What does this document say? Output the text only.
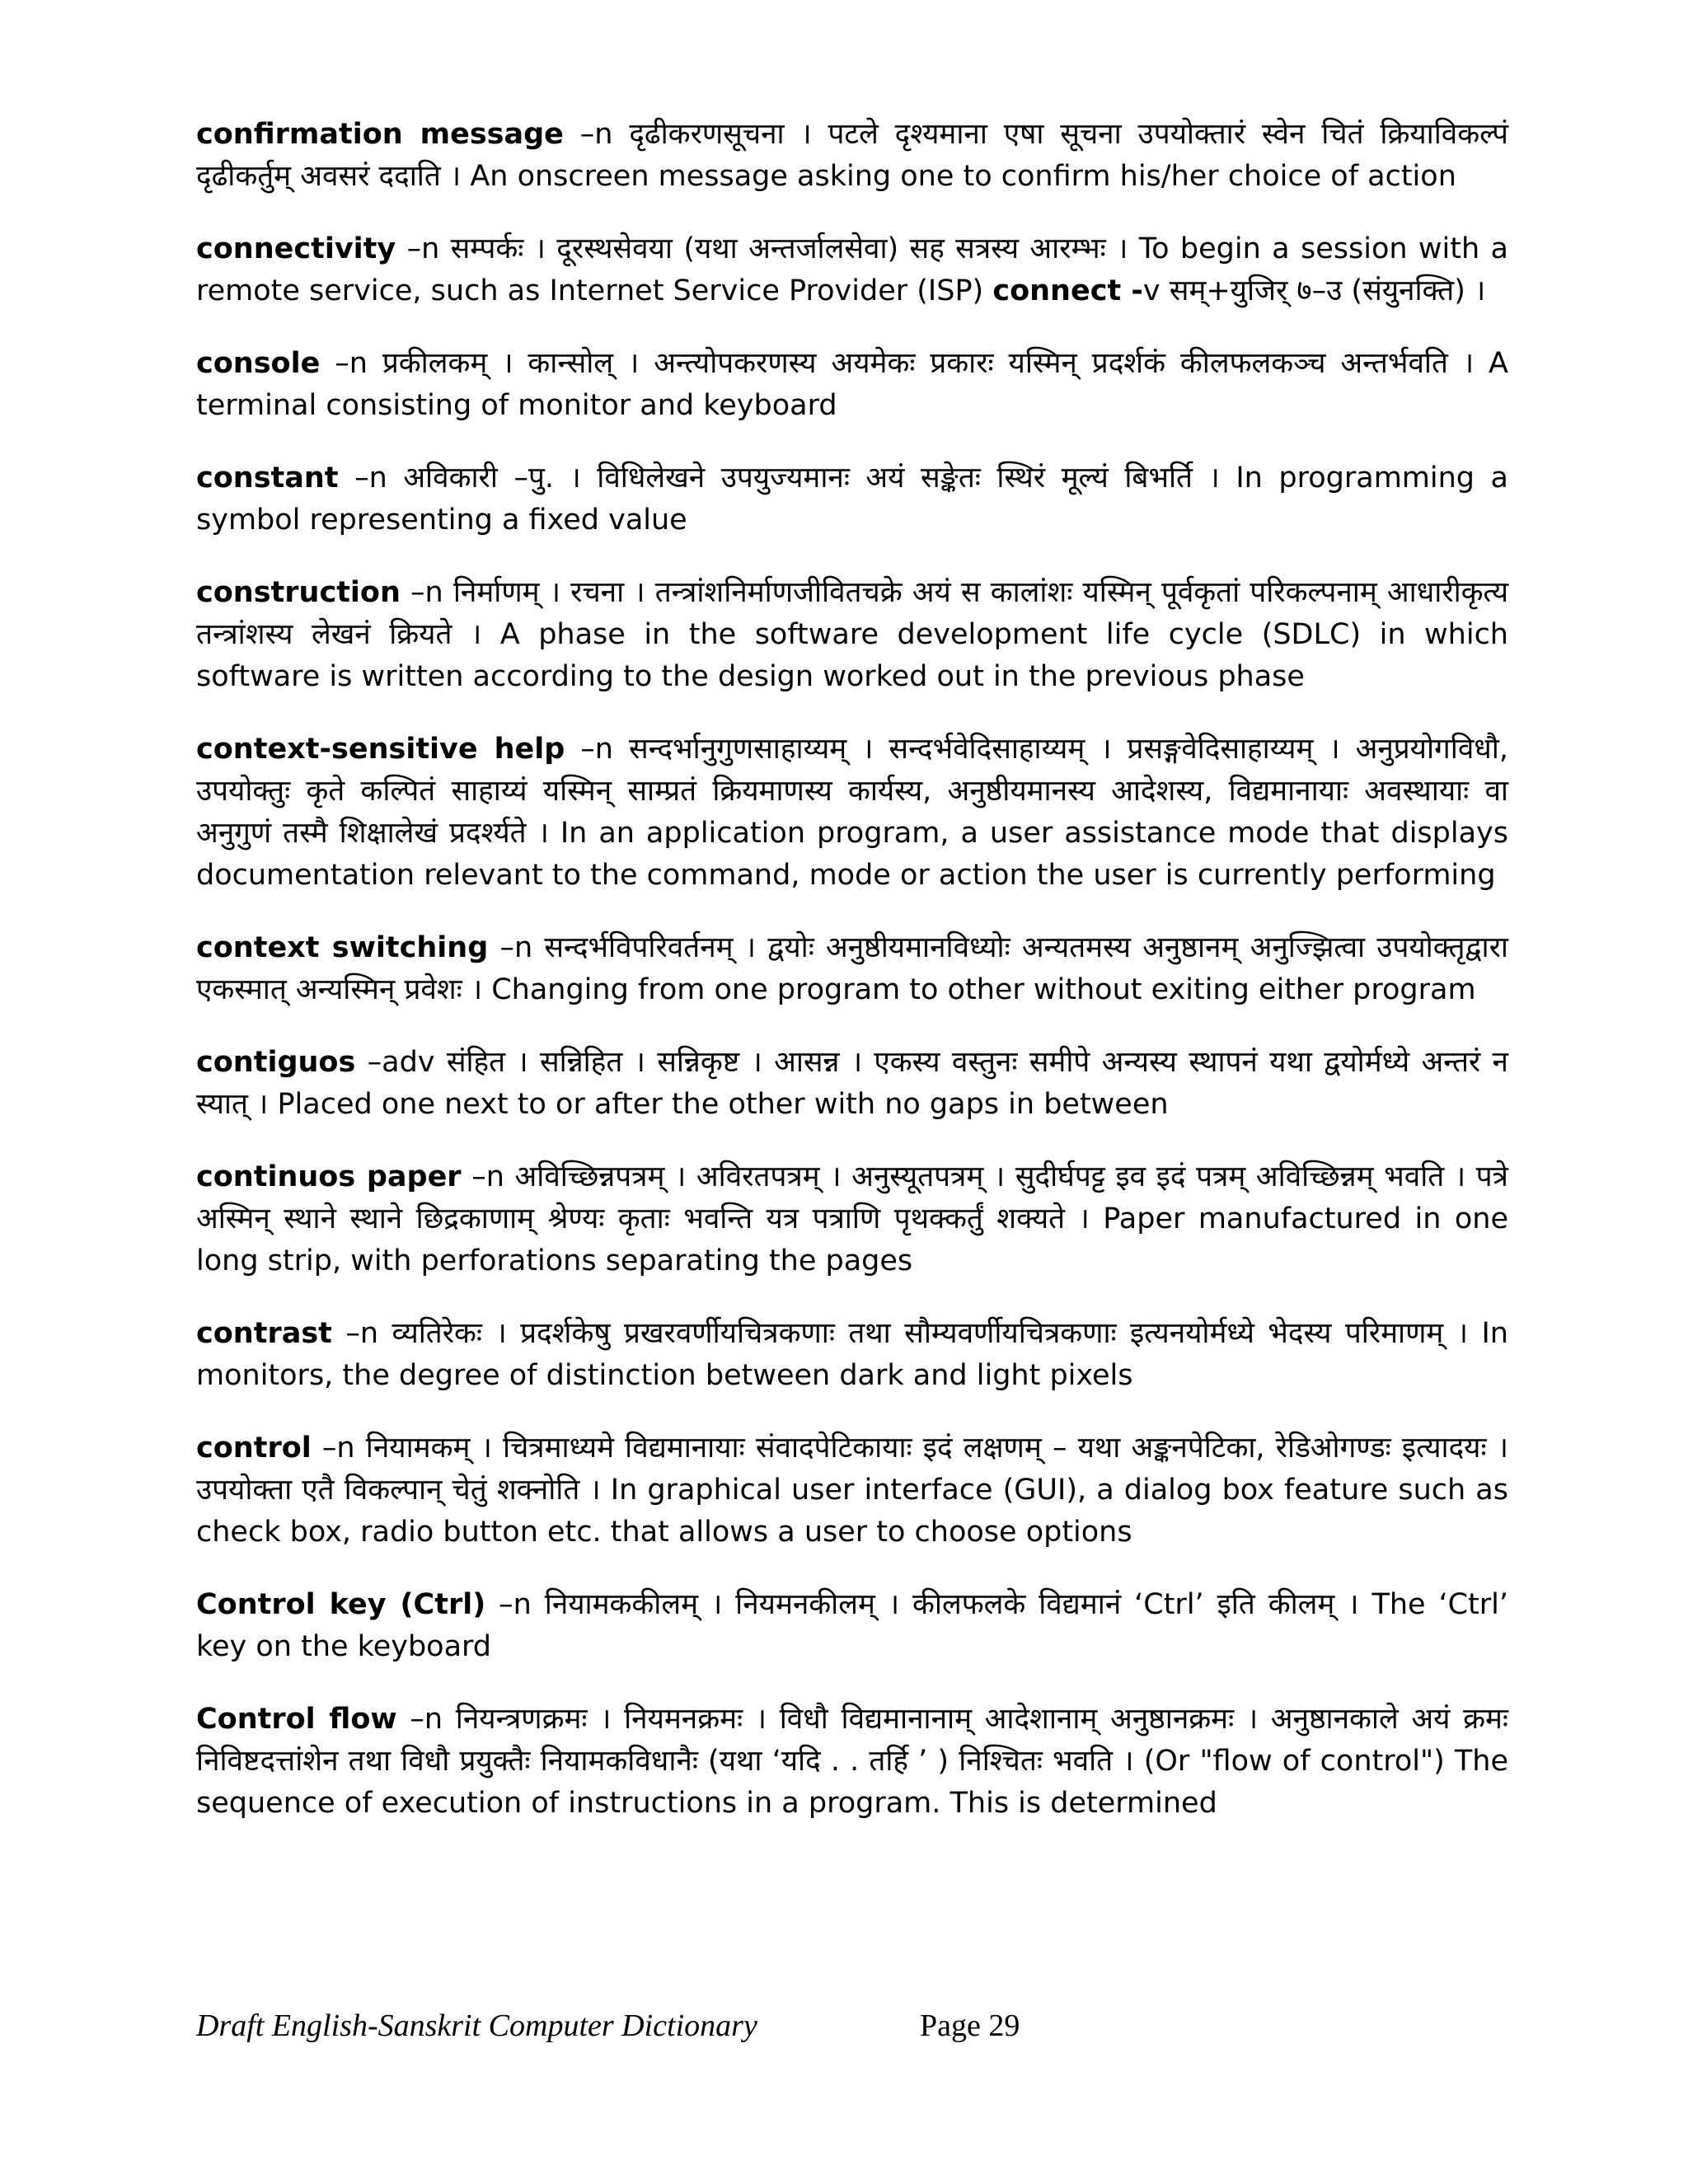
confirmation message –n दृढीकरणसूचना । पटले दृश्यमाना एषा सूचना उपयोक्तारं स्वेन चितं क्रियाविकल्पं दृढीकर्तुम् अवसरं ददाति । An onscreen message asking one to confirm his/her choice of action

connectivity –n सम्पर्कः । दूरस्थसेवया (यथा अन्तर्जालसेवा) सह सत्रस्य आरम्भः । To begin a session with a remote service, such as Internet Service Provider (ISP) connect -v सम्+युजिर् ७–उ (संयुनक्ति) ।

console –n प्रकीलकम् । कान्सोल् । अन्त्योपकरणस्य अयमेकः प्रकारः यस्मिन् प्रदर्शकं कीलफलकञ्च अन्तर्भवति । A terminal consisting of monitor and keyboard

constant –n अविकारी –पु. । विधिलेखने उपयुज्यमानः अयं सङ्केतः स्थिरं मूल्यं बिभर्ति । In programming a symbol representing a fixed value

construction –n निर्माणम् । रचना । तन्त्रांशनिर्माणजीवितचक्रे अयं स कालांशः यस्मिन् पूर्वकृतां परिकल्पनाम् आधारीकृत्य तन्त्रांशस्य लेखनं क्रियते । A phase in the software development life cycle (SDLC) in which software is written according to the design worked out in the previous phase

context-sensitive help –n सन्दर्भानुगुणसाहाय्यम् । सन्दर्भवेदिसाहाय्यम् । प्रसङ्गवेदिसाहाय्यम् । अनुप्रयोगविधौ, उपयोक्तुः कृते कल्पितं साहाय्यं यस्मिन् साम्प्रतं क्रियमाणस्य कार्यस्य, अनुष्ठीयमानस्य आदेशस्य, विद्यमानायाः अवस्थायाः वा अनुगुणं तस्मै शिक्षालेखं प्रदर्श्यते । In an application program, a user assistance mode that displays documentation relevant to the command, mode or action the user is currently performing

context switching –n सन्दर्भविपरिवर्तनम् । द्वयोः अनुष्ठीयमानविध्योः अन्यतमस्य अनुष्ठानम् अनुज्झित्वा उपयोक्तृद्वारा एकस्मात् अन्यस्मिन् प्रवेशः । Changing from one program to other without exiting either program

contiguos –adv संहित । सन्निहित । सन्निकृष्ट । आसन्न । एकस्य वस्तुनः समीपे अन्यस्य स्थापनं यथा द्वयोर्मध्ये अन्तरं न स्यात् । Placed one next to or after the other with no gaps in between

continuos paper –n अविच्छिन्नपत्रम् । अविरतपत्रम् । अनुस्यूतपत्रम् । सुदीर्घपट्ट इव इदं पत्रम् अविच्छिन्नम् भवति । पत्रे अस्मिन् स्थाने स्थाने छिद्रकाणाम् श्रेण्यः कृताः भवन्ति यत्र पत्राणि पृथक्कर्तुं शक्यते । Paper manufactured in one long strip, with perforations separating the pages

contrast –n व्यतिरेकः । प्रदर्शकेषु प्रखरवर्णीयचित्रकणाः तथा सौम्यवर्णीयचित्रकणाः इत्यनयोर्मध्ये भेदस्य परिमाणम् । In monitors, the degree of distinction between dark and light pixels

control –n नियामकम् । चित्रमाध्यमे विद्यमानायाः संवादपेटिकायाः इदं लक्षणम् – यथा अङ्कनपेटिका, रेडिओगण्डः इत्यादयः । उपयोक्ता एतै विकल्पान् चेतुं शक्नोति । In graphical user interface (GUI), a dialog box feature such as check box, radio button etc. that allows a user to choose options

Control key (Ctrl) –n नियामककीलम् । नियमनकीलम् । कीलफलके विद्यमानं ‘Ctrl’ इति कीलम् । The ‘Ctrl’ key on the keyboard

Control flow –n नियन्त्रणक्रमः । नियमनक्रमः । विधौ विद्यमानानाम् आदेशानाम् अनुष्ठानक्रमः । अनुष्ठानकाले अयं क्रमः निविष्टदत्तांशेन तथा विधौ प्रयुक्तैः नियामकविधानैः (यथा ‘यदि . . तर्हि ’ ) निश्चितः भवति । (Or "flow of control") The sequence of execution of instructions in a program. This is determined

Draft English-Sanskrit Computer Dictionary	Page 29
